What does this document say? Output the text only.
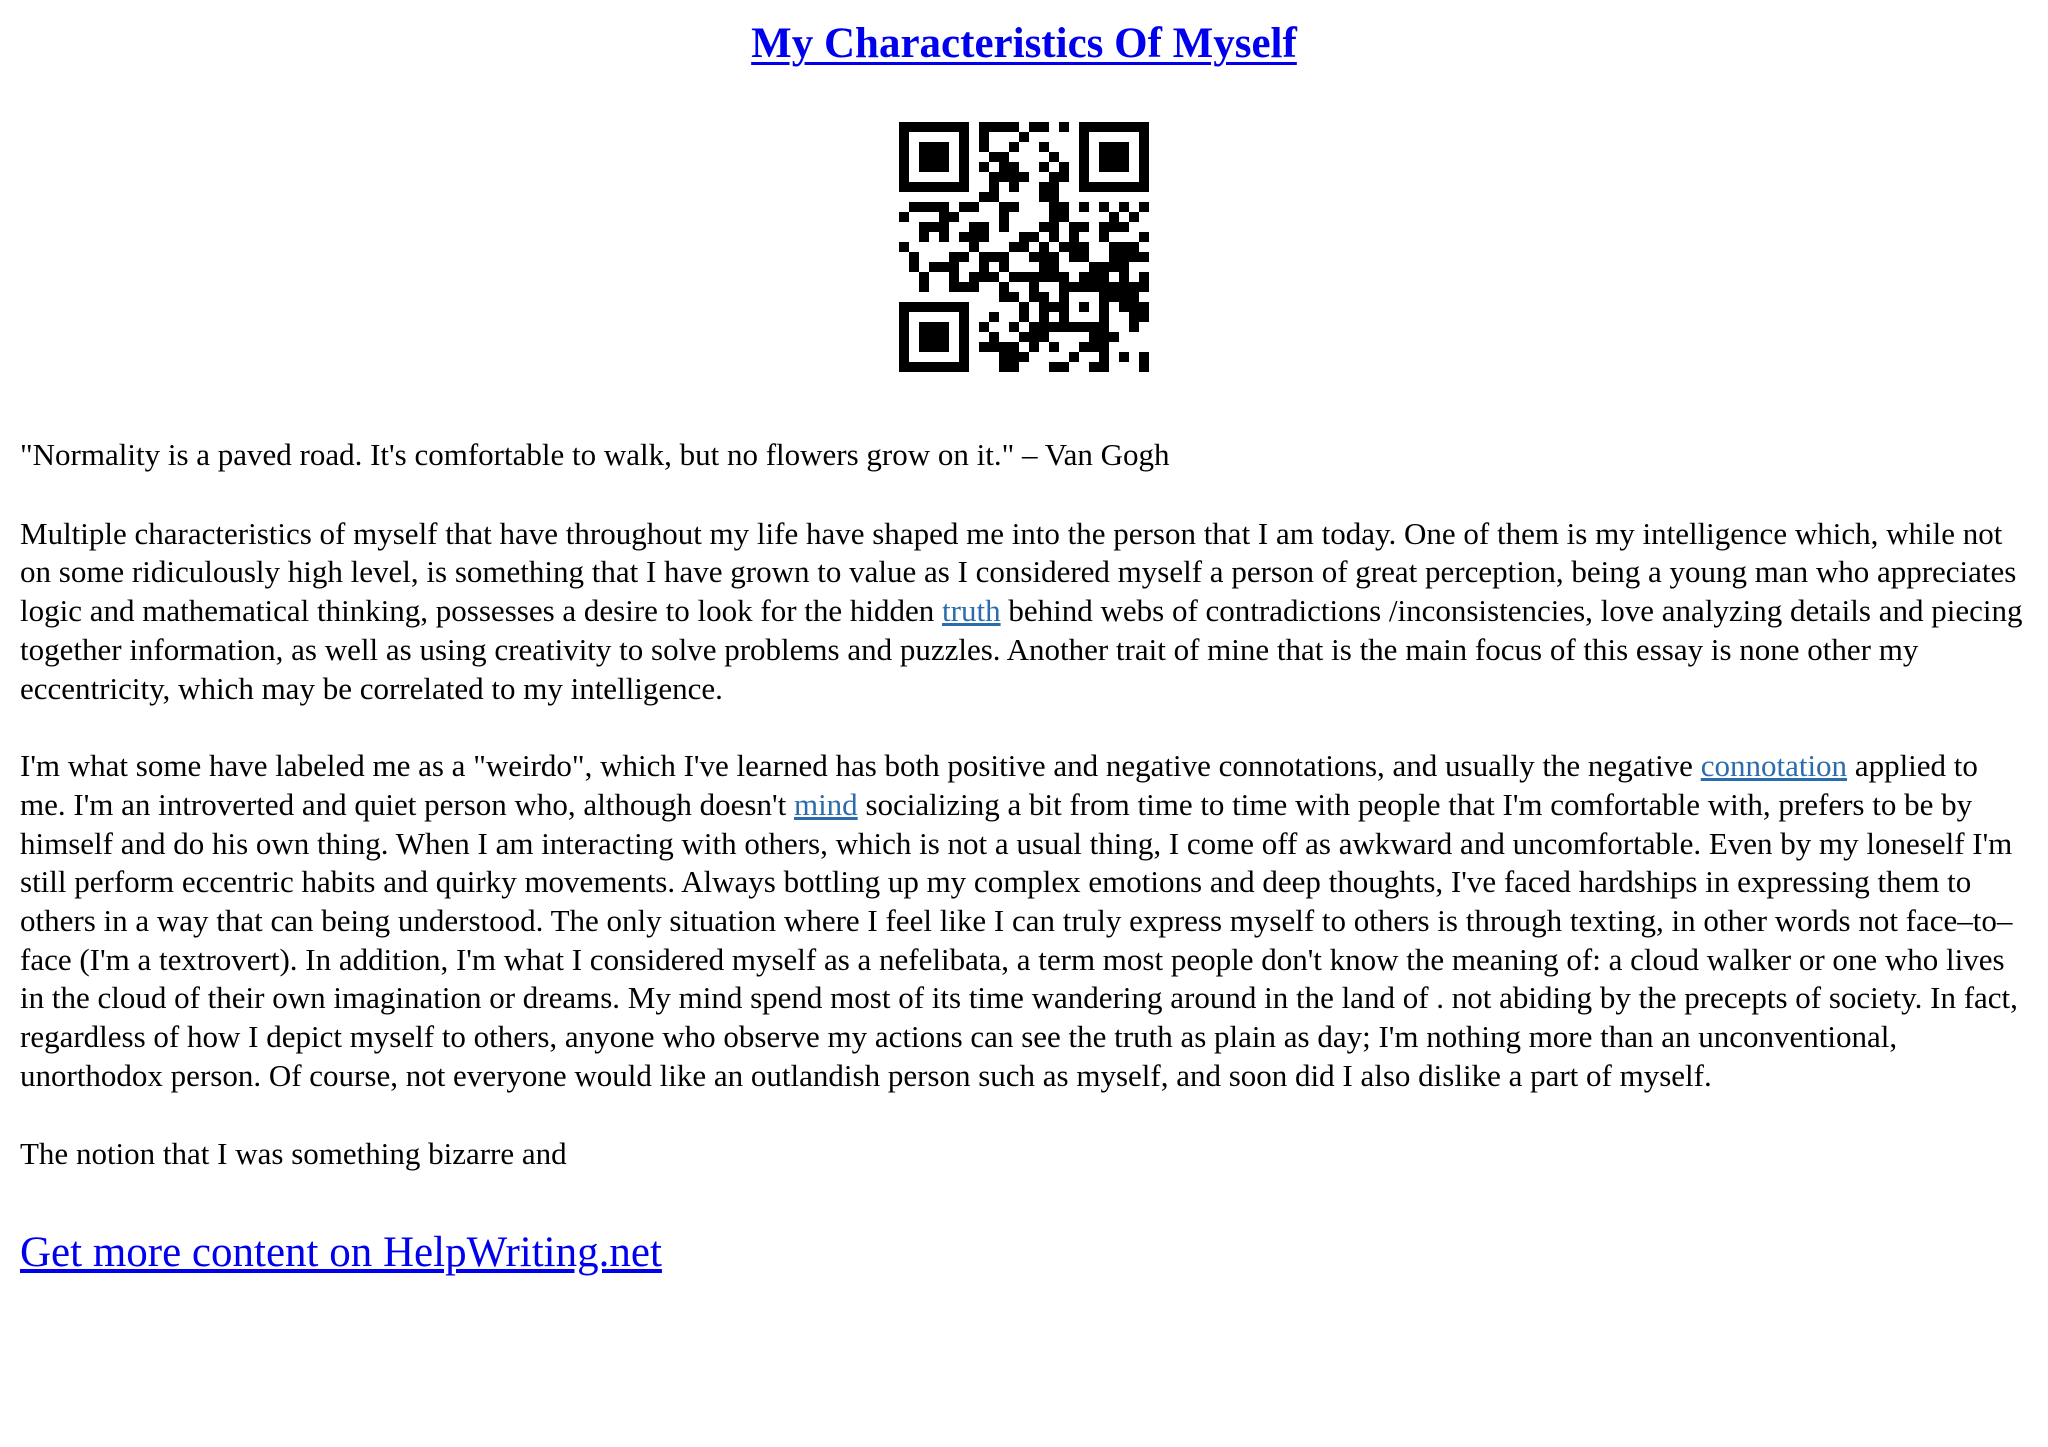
My Characteristics Of Myself

"Normality is a paved road. It's comfortable to walk, but no flowers grow on it." – Van Gogh

Multiple characteristics of myself that have throughout my life have shaped me into the person that I am today. One of them is my intelligence which, while not on some ridiculously high level, is something that I have grown to value as I considered myself a person of great perception, being a young man who appreciates logic and mathematical thinking, possesses a desire to look for the hidden truth behind webs of contradictions /inconsistencies, love analyzing details and piecing together information, as well as using creativity to solve problems and puzzles. Another trait of mine that is the main focus of this essay is none other my eccentricity, which may be correlated to my intelligence.

I'm what some have labeled me as a "weirdo", which I've learned has both positive and negative connotations, and usually the negative connotation applied to me. I'm an introverted and quiet person who, although doesn't mind socializing a bit from time to time with people that I'm comfortable with, prefers to be by himself and do his own thing. When I am interacting with others, which is not a usual thing, I come off as awkward and uncomfortable. Even by my loneself I'm still perform eccentric habits and quirky movements. Always bottling up my complex emotions and deep thoughts, I've faced hardships in expressing them to others in a way that can being understood. The only situation where I feel like I can truly express myself to others is through texting, in other words not face–to–face (I'm a textrovert). In addition, I'm what I considered myself as a nefelibata, a term most people don't know the meaning of: a cloud walker or one who lives in the cloud of their own imagination or dreams. My mind spend most of its time wandering around in the land of . not abiding by the precepts of society. In fact, regardless of how I depict myself to others, anyone who observe my actions can see the truth as plain as day; I'm nothing more than an unconventional, unorthodox person. Of course, not everyone would like an outlandish person such as myself, and soon did I also dislike a part of myself.

The notion that I was something bizarre and

Get more content on HelpWriting.net
